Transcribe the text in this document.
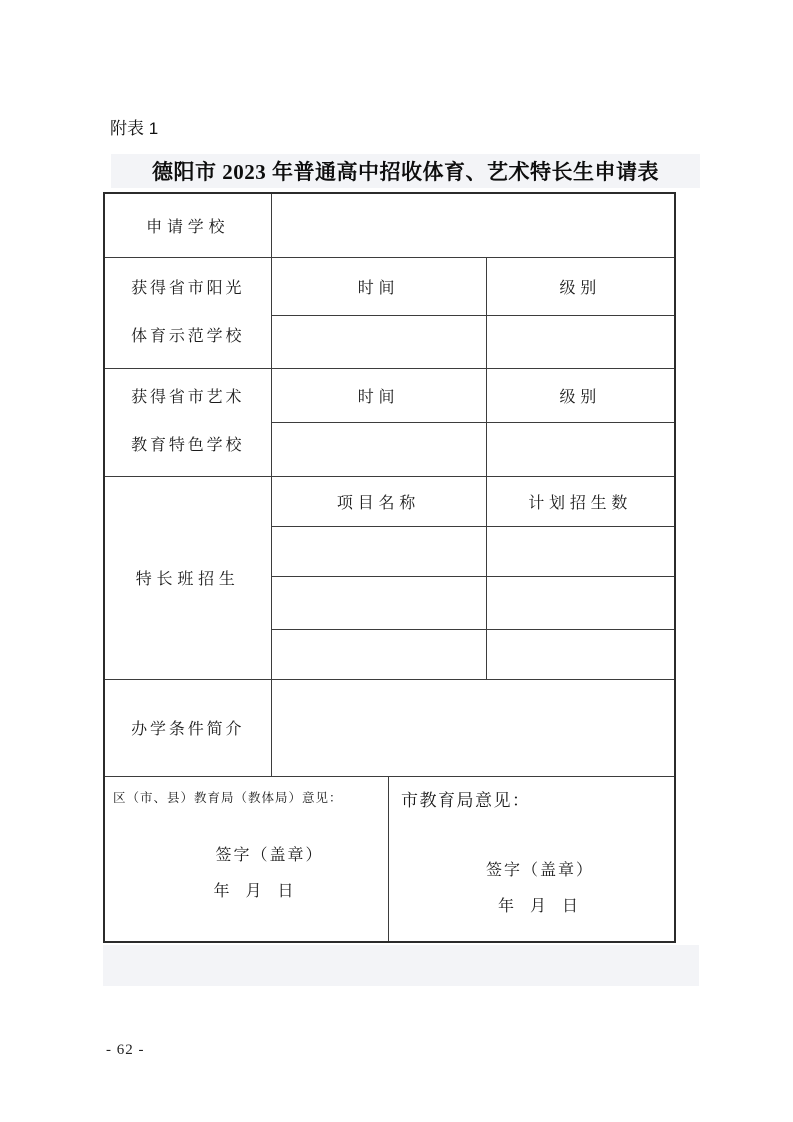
附表 1
德阳市 2023 年普通高中招收体育、艺术特长生申请表
申请学校		
获得省市阳光
体育示范学校	时间	级别

获得省市艺术
教育特色学校	时间	级别

特长班招生	项目名称	计划招生数

办学条件简介		

区（市、县）教育局（教体局）意见：
签字（盖章）
年　月　日
市教育局意见：
签字（盖章）
年　月　日
- 62 -
